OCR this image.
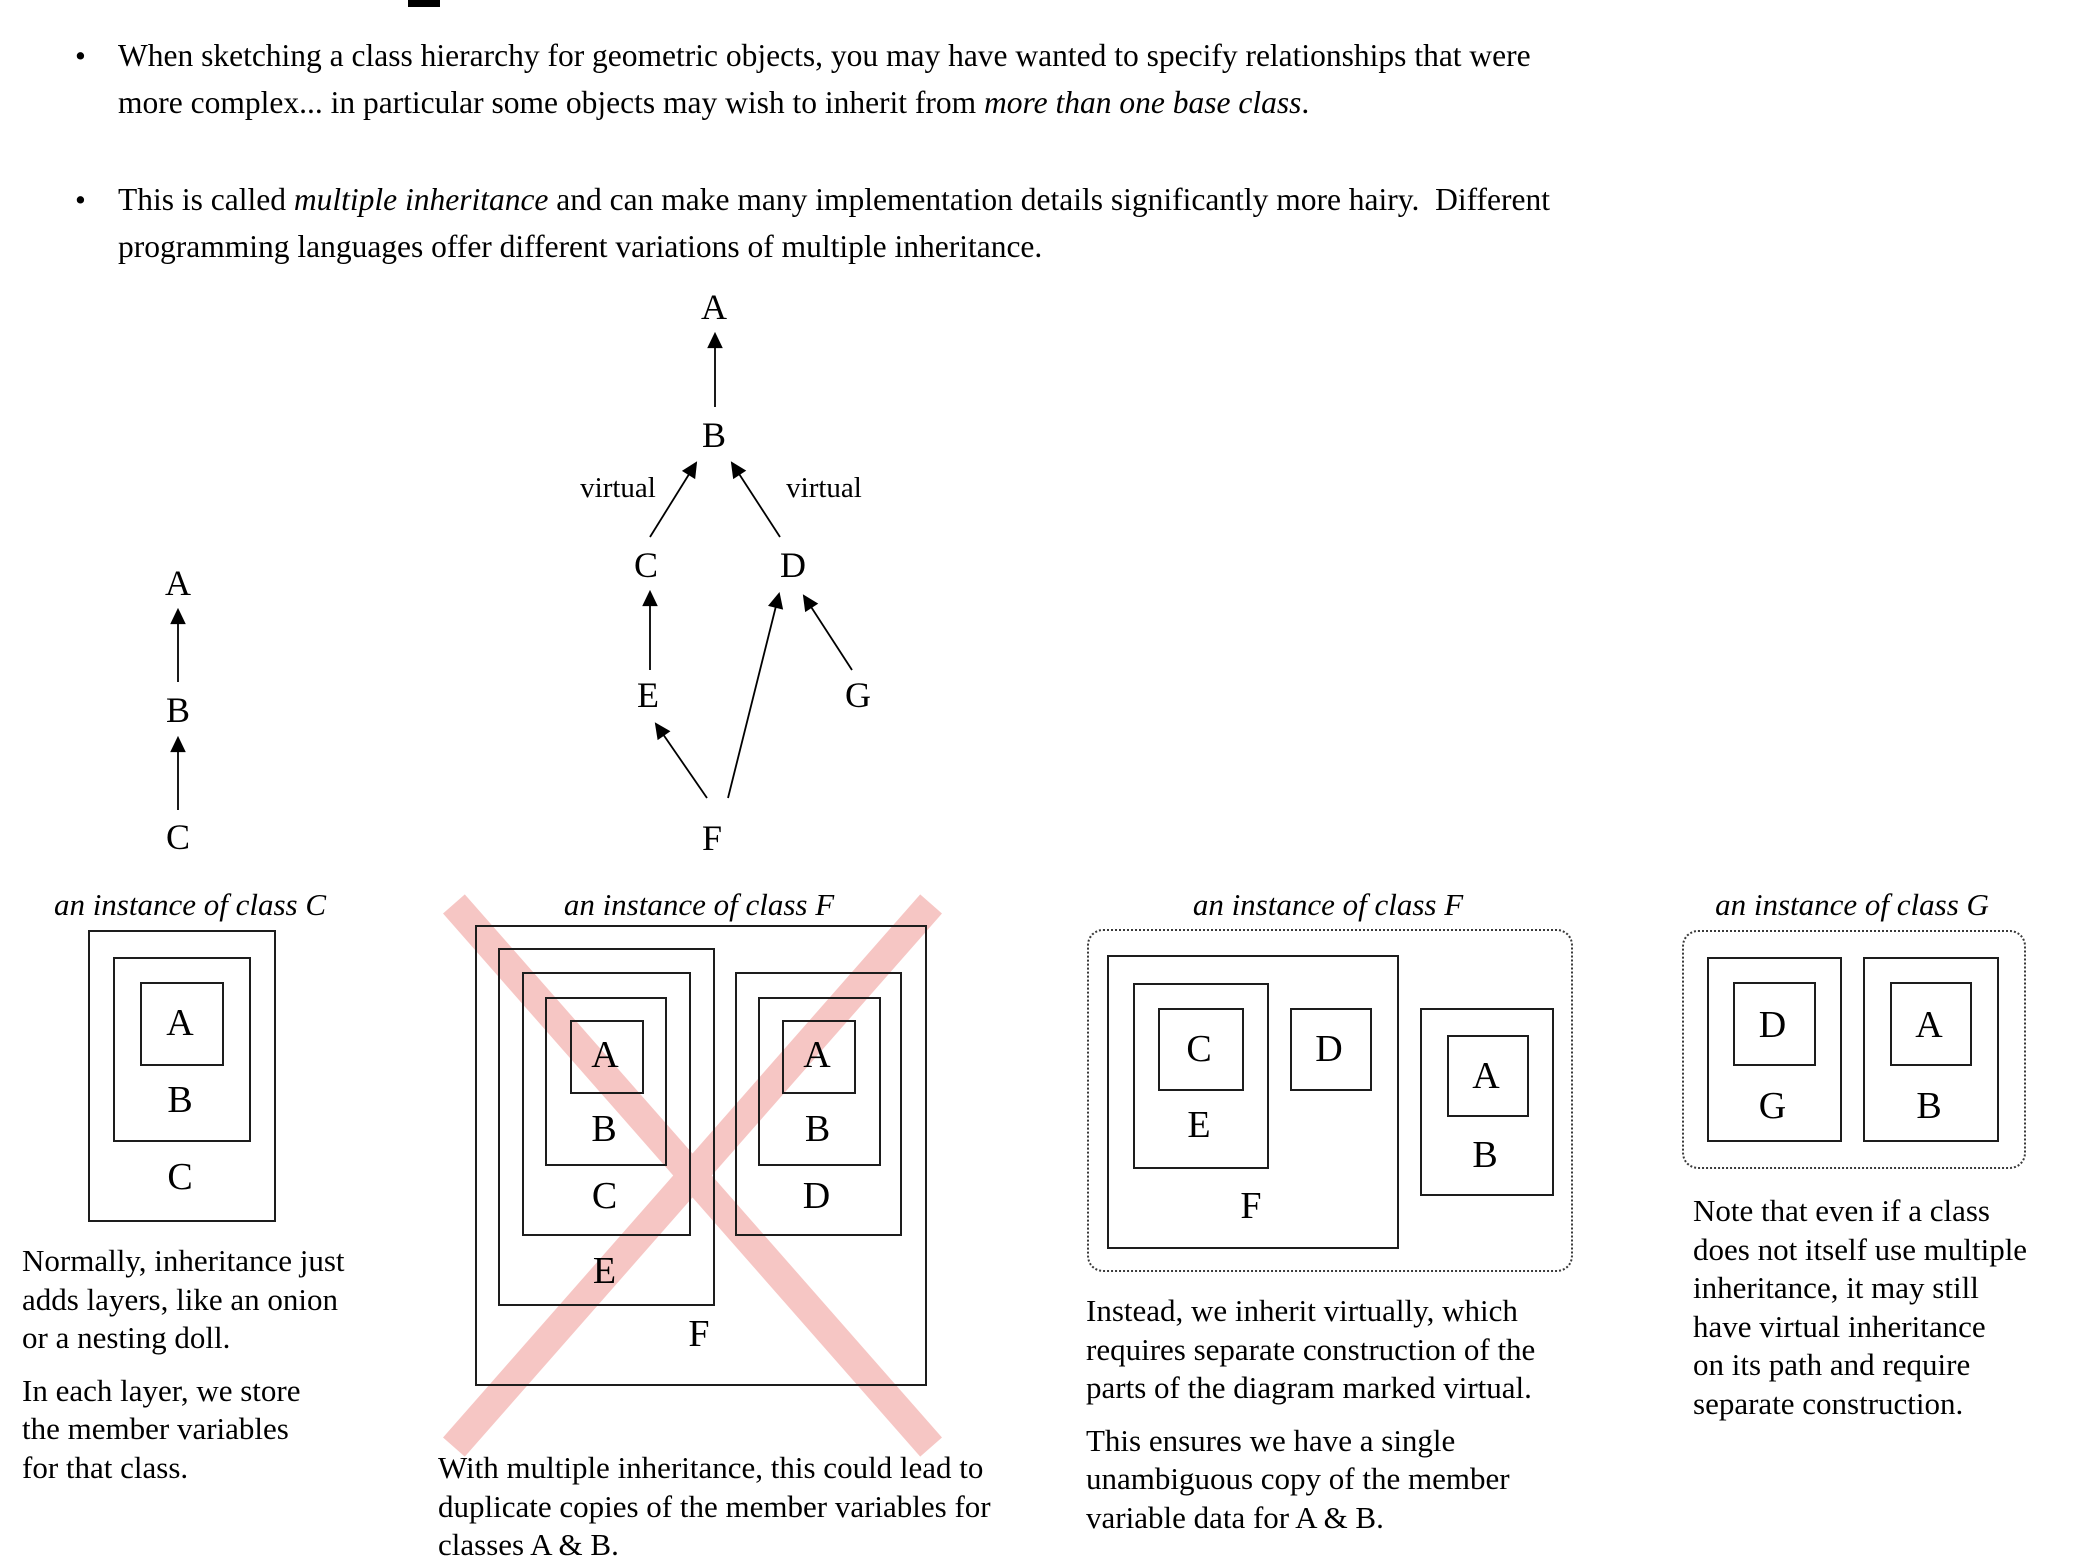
•	When sketching a class hierarchy for geometric objects, you may have wanted to specify relationships that were
more complex... in particular some objects may wish to inherit from more than one base class.
•	This is called multiple inheritance and can make many implementation details significantly more hairy.  Different
programming languages offer different variations of multiple inheritance.
A
B
C
A
B
C	D
E	G
F
virtual	virtual
an instance of class C
A
B
C
an instance of class F
A
B
C
E
A
B
D
F
an instance of class F
C	D
E
A
B
F
an instance of class G
D
G
A
B
Normally, inheritance just
adds layers, like an onion
or a nesting doll.
In each layer, we store
the member variables
for that class.	With multiple inheritance, this could lead to
duplicate copies of the member variables for
classes A & B.
Instead, we inherit virtually, which
requires separate construction of the
parts of the diagram marked virtual.
This ensures we have a single
unambiguous copy of the member
variable data for A & B.
Note that even if a class
does not itself use multiple
inheritance, it may still
have virtual inheritance
on its path and require
separate construction.
